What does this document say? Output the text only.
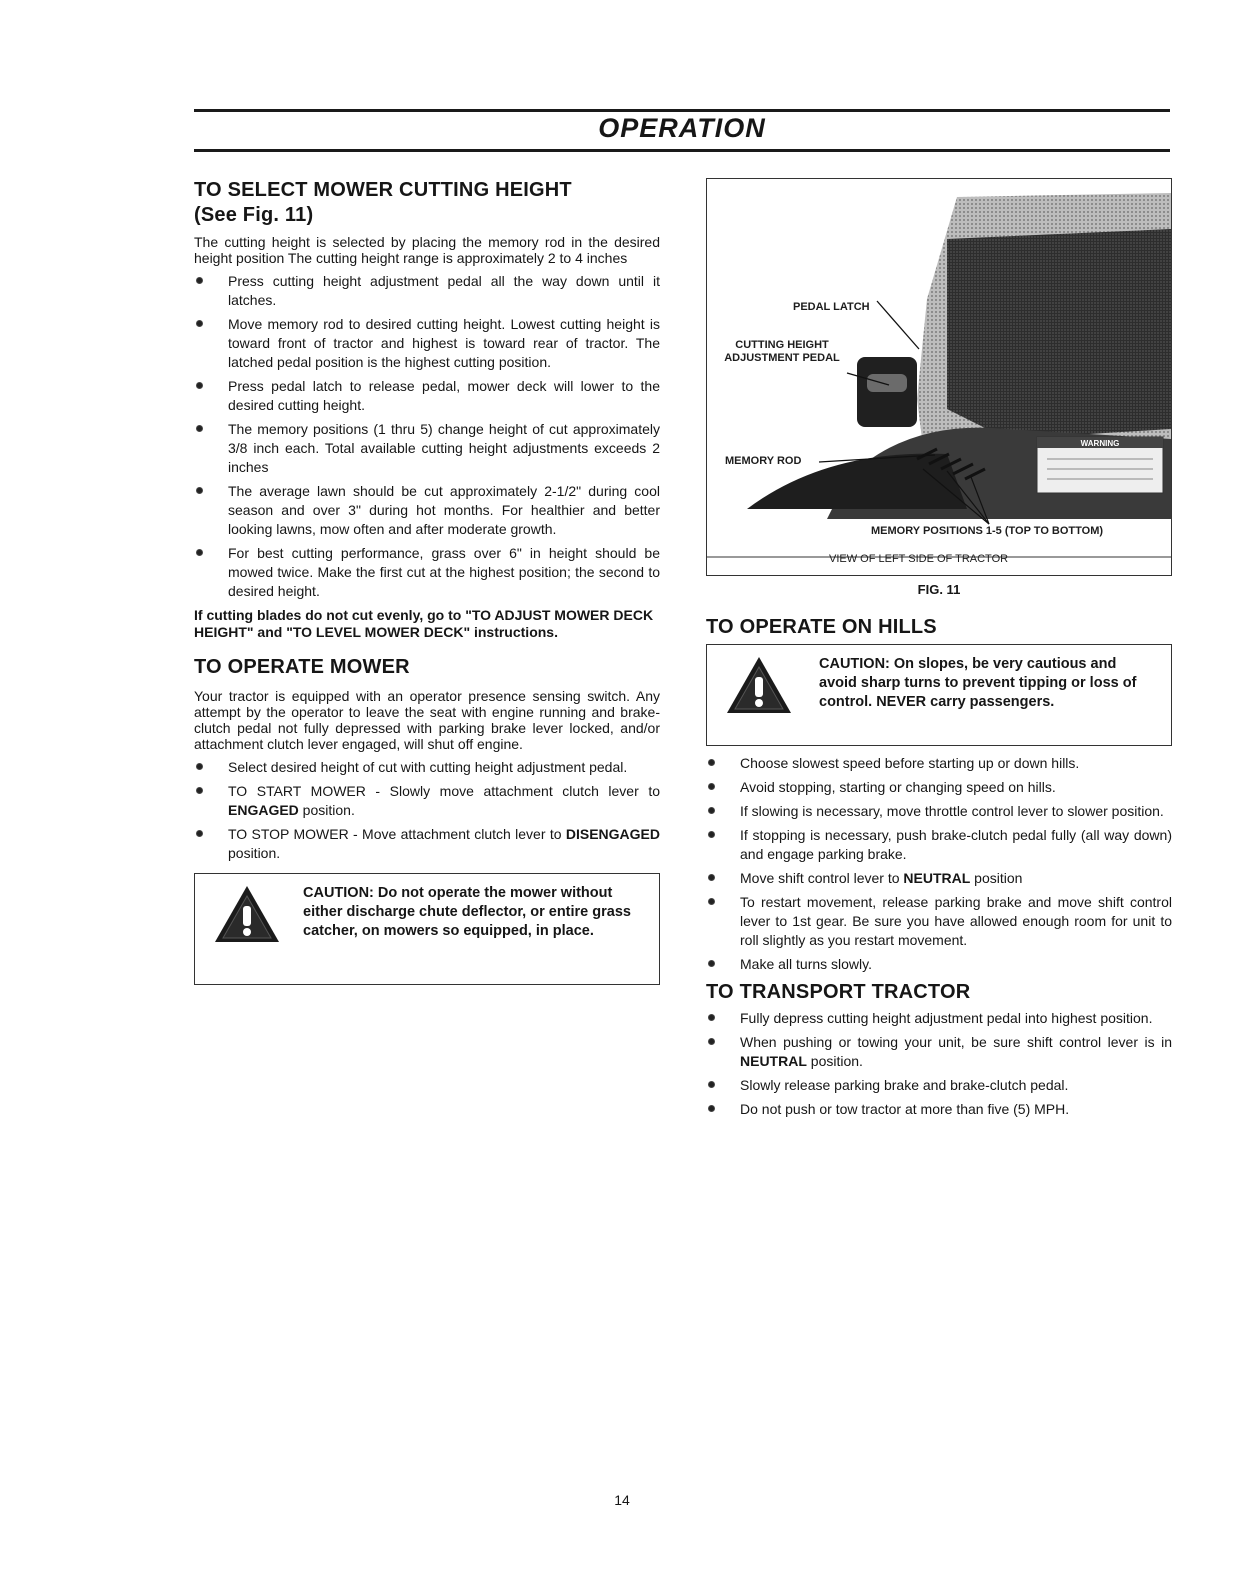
OPERATION
TO SELECT MOWER CUTTING HEIGHT
(See Fig. 11)

The cutting height is selected by placing the memory rod in the desired height position The cutting height range is approximately 2 to 4 inches

Press cutting height adjustment pedal all the way down until it latches.
Move memory rod to desired cutting height. Lowest cutting height is toward front of tractor and highest is toward rear of tractor. The latched pedal position is the highest cutting position.
Press pedal latch to release pedal, mower deck will lower to the desired cutting height.
The memory positions (1 thru 5) change height of cut approximately 3/8 inch each. Total available cutting height adjustments exceeds 2 inches
The average lawn should be cut approximately 2-1/2" during cool season and over 3" during hot months. For healthier and better looking lawns, mow often and after moderate growth.
For best cutting performance, grass over 6" in height should be mowed twice. Make the first cut at the highest position; the second to desired height.

If cutting blades do not cut evenly, go to "TO ADJUST MOWER DECK HEIGHT" and "TO LEVEL MOWER DECK" instructions.

TO OPERATE MOWER

Your tractor is equipped with an operator presence sensing switch. Any attempt by the operator to leave the seat with engine running and brake-clutch pedal not fully depressed with parking brake lever locked, and/or attachment clutch lever engaged, will shut off engine.

Select desired height of cut with cutting height adjustment pedal.
TO START MOWER - Slowly move attachment clutch lever to ENGAGED position.
TO STOP MOWER - Move attachment clutch lever to DISENGAGED position.
CAUTION: Do not operate the mower without either discharge chute deflector, or entire grass catcher, on mowers so equipped, in place.
WARNING
PEDAL LATCH
CUTTING HEIGHT
ADJUSTMENT PEDAL
MEMORY ROD
MEMORY POSITIONS 1-5 (TOP TO BOTTOM)
VIEW OF LEFT SIDE OF TRACTOR
FIG. 11
TO OPERATE ON HILLS
CAUTION: On slopes, be very cautious and avoid sharp turns to prevent tipping or loss of control. NEVER carry passengers.
Choose slowest speed before starting up or down hills.
Avoid stopping, starting or changing speed on hills.
If slowing is necessary, move throttle control lever to slower position.
If stopping is necessary, push brake-clutch pedal fully (all way down) and engage parking brake.
Move shift control lever to NEUTRAL position
To restart movement, release parking brake and move shift control lever to 1st gear. Be sure you have allowed enough room for unit to roll slightly as you restart movement.
Make all turns slowly.
TO TRANSPORT TRACTOR
Fully depress cutting height adjustment pedal into highest position.
When pushing or towing your unit, be sure shift control lever is in NEUTRAL position.
Slowly release parking brake and brake-clutch pedal.
Do not push or tow tractor at more than five (5) MPH.
14
